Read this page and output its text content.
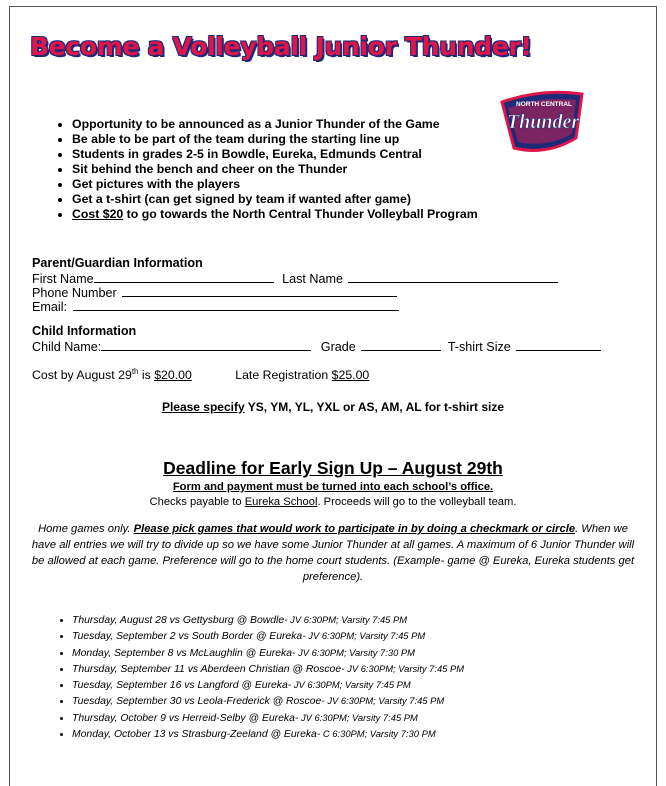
Become a Volleyball Junior Thunder!
NORTH CENTRAL
Thunder
• Opportunity to be announced as a Junior Thunder of the Game
• Be able to be part of the team during the starting line up
• Students in grades 2-5 in Bowdle, Eureka, Edmunds Central
• Sit behind the bench and cheer on the Thunder
• Get pictures with the players
• Get a t-shirt (can get signed by team if wanted after game)
• Cost $20 to go towards the North Central Thunder Volleyball Program
Parent/Guardian Information
First Name	Last Name
Phone Number
Email:
Child Information
Child Name:	Grade	T-shirt Size
Cost by August 29th is $20.00	Late Registration $25.00
Please specify YS, YM, YL, YXL or AS, AM, AL for t-shirt size
Deadline for Early Sign Up – August 29th
Form and payment must be turned into each school’s office.
Checks payable to Eureka School. Proceeds will go to the volleyball team.
Home games only. Please pick games that would work to participate in by doing a checkmark or circle. When we have all entries we will try to divide up so we have some Junior Thunder at all games. A maximum of 6 Junior Thunder will be allowed at each game. Preference will go to the home court students. (Example- game @ Eureka, Eureka students get preference).
• Thursday, August 28 vs Gettysburg @ Bowdle- JV 6:30PM; Varsity 7:45 PM
• Tuesday, September 2 vs South Border @ Eureka- JV 6:30PM; Varsity 7:45 PM
• Monday, September 8 vs McLaughlin @ Eureka- JV 6:30PM; Varsity 7:30 PM
• Thursday, September 11 vs Aberdeen Christian @ Roscoe- JV 6:30PM; Varsity 7:45 PM
• Tuesday, September 16 vs Langford @ Eureka- JV 6:30PM; Varsity 7:45 PM
• Tuesday, September 30 vs Leola-Frederick @ Roscoe- JV 6:30PM; Varsity 7:45 PM
• Thursday, October 9 vs Herreid-Selby @ Eureka- JV 6:30PM; Varsity 7:45 PM
• Monday, October 13 vs Strasburg-Zeeland @ Eureka- C 6:30PM; Varsity 7:30 PM
